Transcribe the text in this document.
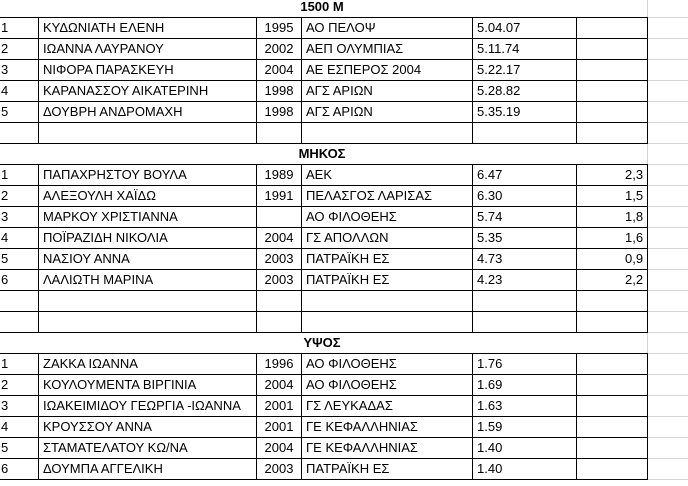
1500 M						
1	ΚΥΔΩΝΙΑΤΗ ΕΛΕΝΗ	1995	ΑΟ ΠΕΛΟΨ	5.04.07		
2	ΙΩΑΝΝΑ ΛΑΥΡΑΝΟΥ	2002	ΑΕΠ ΟΛΥΜΠΙΑΣ	5.11.74		
3	ΝΙΦΟΡΑ ΠΑΡΑΣΚΕΥΗ	2004	ΑΕ ΕΣΠΕΡΟΣ 2004	5.22.17		
4	ΚΑΡΑΝΑΣΣΟΥ ΑΙΚΑΤΕΡΙΝΗ	1998	ΑΓΣ ΑΡΙΩΝ	5.28.82		
5	ΔΟΥΒΡΗ ΑΝΔΡΟΜΑΧΗ	1998	ΑΓΣ ΑΡΙΩΝ	5.35.19		

ΜΗΚΟΣ						
1	ΠΑΠΑΧΡΗΣΤΟΥ ΒΟΥΛΑ	1989	ΑΕΚ	6.47	2,3	
2	ΑΛΕΞΟΥΛΗ ΧΑΪΔΩ	1991	ΠΕΛΑΣΓΟΣ ΛΑΡΙΣΑΣ	6.30	1,5	
3	ΜΑΡΚΟΥ ΧΡΙΣΤΙΑΝΝΑ		ΑΟ ΦΙΛΟΘΕΗΣ	5.74	1,8	
4	ΠΟΪΡΑΖΙΔΗ ΝΙΚΟΛΙΑ	2004	ΓΣ ΑΠΟΛΛΩΝ	5.35	1,6	
5	ΝΑΣΙΟΥ ΑΝΝΑ	2003	ΠΑΤΡΑΪΚΗ ΕΣ	4.73	0,9	
6	ΛΑΛΙΩΤΗ ΜΑΡΙΝΑ	2003	ΠΑΤΡΑΪΚΗ ΕΣ	4.23	2,2	

ΥΨΟΣ						
1	ΖΑΚΚΑ ΙΩΑΝΝΑ	1996	ΑΟ ΦΙΛΟΘΕΗΣ	1.76		
2	ΚΟΥΛΟΥΜΕΝΤΑ ΒΙΡΓΙΝΙΑ	2004	ΑΟ ΦΙΛΟΘΕΗΣ	1.69		
3	ΙΩΑΚΕΙΜΙΔΟΥ ΓΕΩΡΓΙΑ -ΙΩΑΝΝΑ	2001	ΓΣ ΛΕΥΚΑΔΑΣ	1.63		
4	ΚΡΟΥΣΣΟΥ ΑΝΝΑ	2001	ΓΕ ΚΕΦΑΛΛΗΝΙΑΣ	1.59		
5	ΣΤΑΜΑΤΕΛΑΤΟΥ ΚΩ/ΝΑ	2004	ΓΕ ΚΕΦΑΛΛΗΝΙΑΣ	1.40		
6	ΔΟΥΜΠΑ ΑΓΓΕΛΙΚΗ	2003	ΠΑΤΡΑΪΚΗ ΕΣ	1.40		
